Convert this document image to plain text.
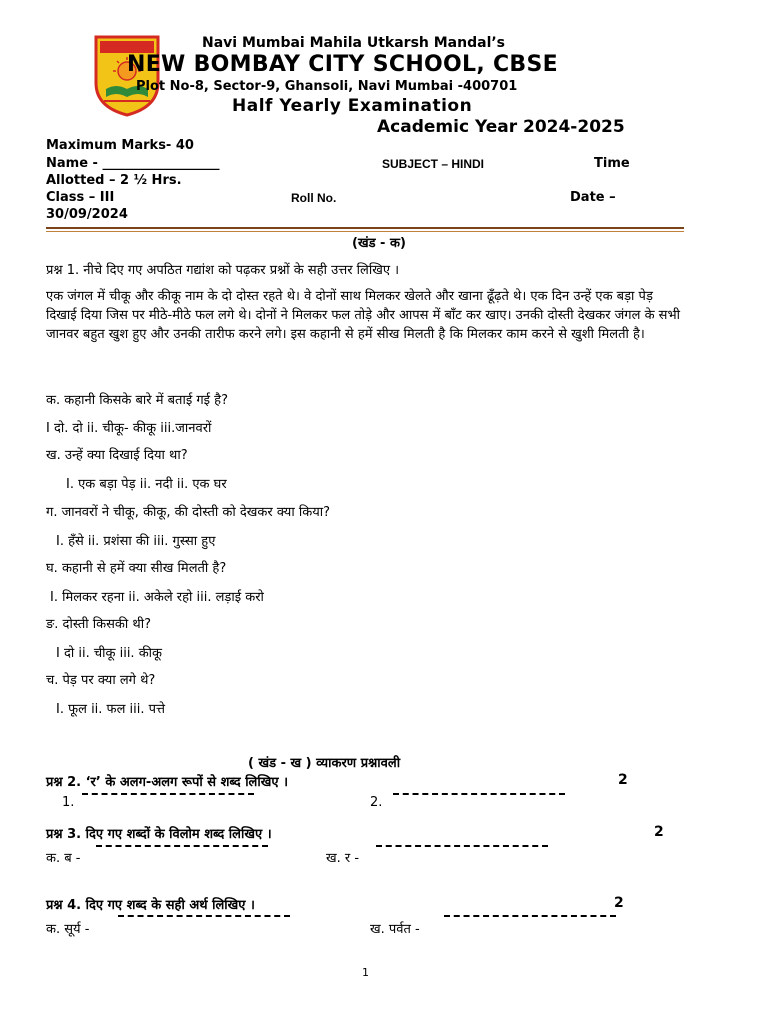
Navi Mumbai Mahila Utkarsh Mandal’s
NEW BOMBAY CITY SCHOOL, CBSE
Plot No-8, Sector-9, Ghansoli, Navi Mumbai -400701
Half Yearly Examination
Academic Year 2024-2025
Maximum Marks- 40
Name - __________________	SUBJECT – HINDI	Time
Allotted – 2 ½ Hrs.
Class – III	Roll No.	Date –
30/09/2024
(खंड - क)
प्रश्न 1. नीचे दिए गए अपठित गद्यांश को पढ़कर प्रश्नों के सही उत्तर लिखिए ।

एक जंगल में चीकू और कीकू नाम के दो दोस्त रहते थे। वे दोनों साथ मिलकर खेलते और खाना ढूँढ़ते थे। एक दिन उन्हें एक बड़ा पेड़ दिखाई दिया जिस पर मीठे-मीठे फल लगे थे। दोनों ने मिलकर फल तोड़े और आपस में बाँट कर खाए। उनकी दोस्ती देखकर जंगल के सभी जानवर बहुत खुश हुए और उनकी तारीफ करने लगे। इस कहानी से हमें सीख मिलती है कि मिलकर काम करने से खुशी मिलती है।

क. कहानी किसके बारे में बताई गई है?
I दो. दो ii. चीकू- कीकू iii.जानवरों
ख. उन्हें क्या दिखाई दिया था?
I. एक बड़ा पेड़ ii. नदी ii. एक घर
ग. जानवरों ने चीकू, कीकू, की दोस्ती को देखकर क्या किया?
I. हँसे ii. प्रशंसा की iii. गुस्सा हुए
घ. कहानी से हमें क्या सीख मिलती है?
I. मिलकर रहना ii. अकेले रहो iii. लड़ाई करो
ङ. दोस्ती किसकी थी?
I दो ii. चीकू iii. कीकू
च. पेड़ पर क्या लगे थे?
I. फूल ii. फल iii. पत्ते
( खंड - ख ) व्याकरण प्रश्नावली
प्रश्न 2. ‘र’ के अलग-अलग रूपों से शब्द लिखिए ।	2
1.	2.
प्रश्न 3. दिए गए शब्दों के विलोम शब्द लिखिए ।	2
क. ब -	ख. र -
प्रश्न 4. दिए गए शब्द के सही अर्थ लिखिए ।	2
क. सूर्य -	ख. पर्वत -
1
